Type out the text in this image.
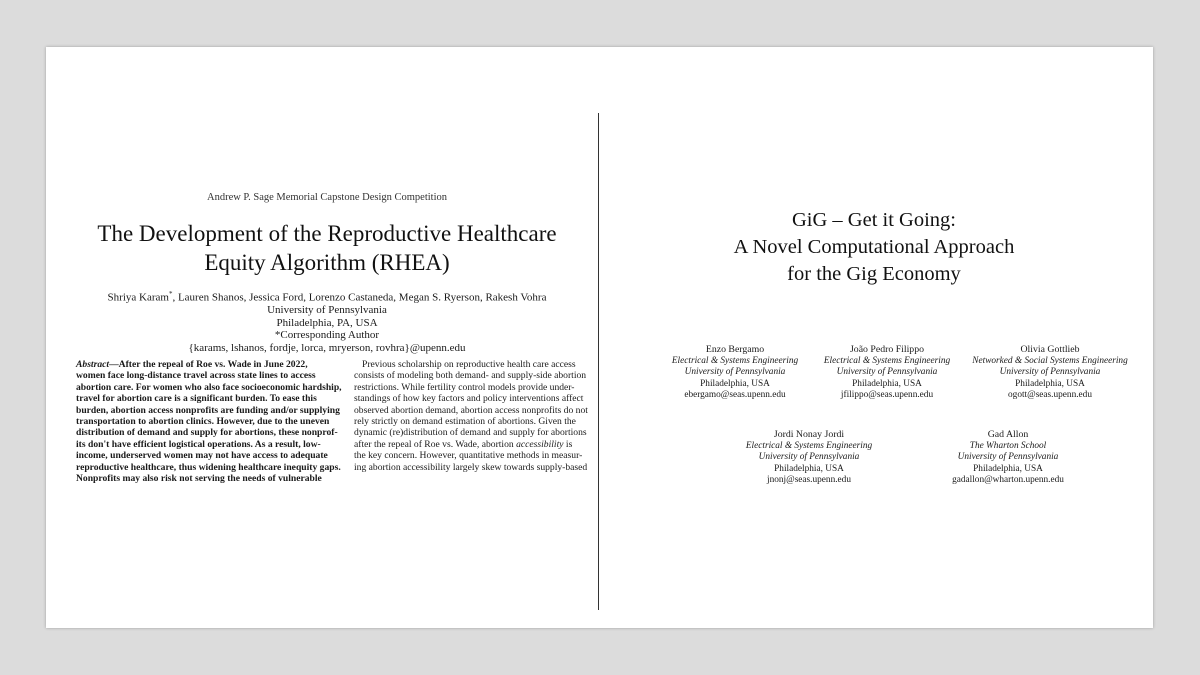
Andrew P. Sage Memorial Capstone Design Competition
The Development of the Reproductive Healthcare
Equity Algorithm (RHEA)
Shriya Karam*, Lauren Shanos, Jessica Ford, Lorenzo Castaneda, Megan S. Ryerson, Rakesh Vohra
University of Pennsylvania
Philadelphia, PA, USA
*Corresponding Author
{karams, lshanos, fordje, lorca, mryerson, rovhra}@upenn.edu
Abstract—After the repeal of Roe vs. Wade in June 2022,
women face long-distance travel across state lines to access
abortion care. For women who also face socioeconomic hardship,
travel for abortion care is a significant burden. To ease this
burden, abortion access nonprofits are funding and/or supplying
transportation to abortion clinics. However, due to the uneven
distribution of demand and supply for abortions, these nonprof-
its don't have efficient logistical operations. As a result, low-
income, underserved women may not have access to adequate
reproductive healthcare, thus widening healthcare inequity gaps.
Nonprofits may also risk not serving the needs of vulnerable
Previous scholarship on reproductive health care access
consists of modeling both demand- and supply-side abortion
restrictions. While fertility control models provide under-
standings of how key factors and policy interventions affect
observed abortion demand, abortion access nonprofits do not
rely strictly on demand estimation of abortions. Given the
dynamic (re)distribution of demand and supply for abortions
after the repeal of Roe vs. Wade, abortion accessibility is
the key concern. However, quantitative methods in measur-
ing abortion accessibility largely skew towards supply-based
GiG – Get it Going:
A Novel Computational Approach
for the Gig Economy
Enzo Bergamo
Electrical & Systems Engineering
University of Pennsylvania
Philadelphia, USA
ebergamo@seas.upenn.edu
João Pedro Filippo
Electrical & Systems Engineering
University of Pennsylvania
Philadelphia, USA
jfilippo@seas.upenn.edu
Olivia Gottlieb
Networked & Social Systems Engineering
University of Pennsylvania
Philadelphia, USA
ogott@seas.upenn.edu
Jordi Nonay Jordi
Electrical & Systems Engineering
University of Pennsylvania
Philadelphia, USA
jnonj@seas.upenn.edu
Gad Allon
The Wharton School
University of Pennsylvania
Philadelphia, USA
gadallon@wharton.upenn.edu
